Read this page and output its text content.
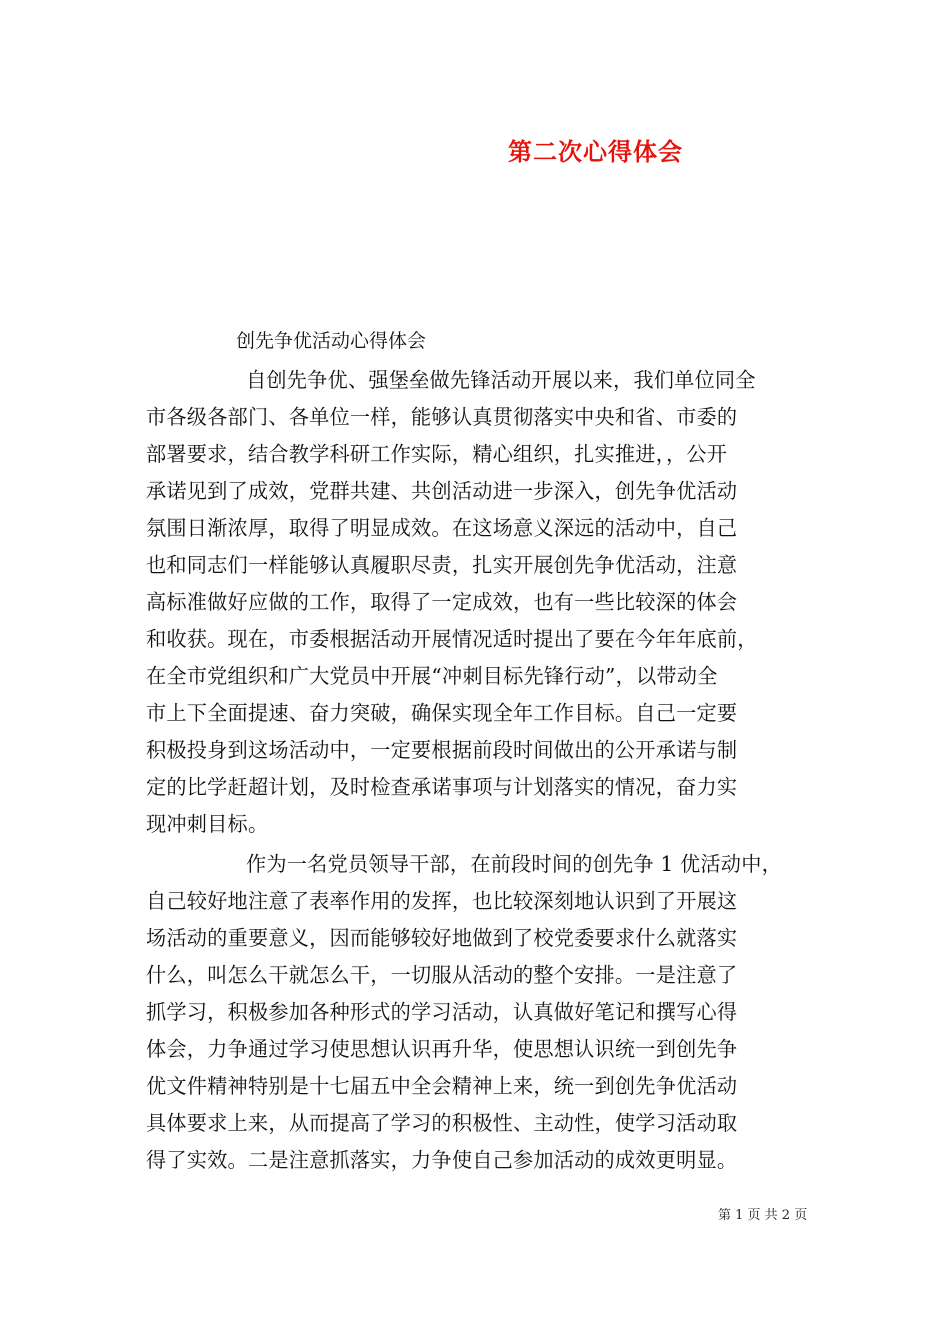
第二次心得体会
创先争优活动心得体会
自创先争优、强堡垒做先锋活动开展以来，我们单位同全
市各级各部门、各单位一样，能够认真贯彻落实中央和省、市委的
部署要求，结合教学科研工作实际，精心组织，扎实推进，，公开
承诺见到了成效，党群共建、共创活动进一步深入，创先争优活动
氛围日渐浓厚，取得了明显成效。在这场意义深远的活动中，自己
也和同志们一样能够认真履职尽责，扎实开展创先争优活动，注意
高标准做好应做的工作，取得了一定成效，也有一些比较深的体会
和收获。现在，市委根据活动开展情况适时提出了要在今年年底前，
在全市党组织和广大党员中开展“冲刺目标先锋行动”，以带动全
市上下全面提速、奋力突破，确保实现全年工作目标。自己一定要
积极投身到这场活动中，一定要根据前段时间做出的公开承诺与制
定的比学赶超计划，及时检查承诺事项与计划落实的情况，奋力实
现冲刺目标。
作为一名党员领导干部，在前段时间的创先争 1 优活动中，
自己较好地注意了表率作用的发挥，也比较深刻地认识到了开展这
场活动的重要意义，因而能够较好地做到了校党委要求什么就落实
什么，叫怎么干就怎么干，一切服从活动的整个安排。一是注意了
抓学习，积极参加各种形式的学习活动，认真做好笔记和撰写心得
体会，力争通过学习使思想认识再升华，使思想认识统一到创先争
优文件精神特别是十七届五中全会精神上来，统一到创先争优活动
具体要求上来，从而提高了学习的积极性、主动性，使学习活动取
得了实效。二是注意抓落实，力争使自己参加活动的成效更明显。
第 1 页 共 2 页
